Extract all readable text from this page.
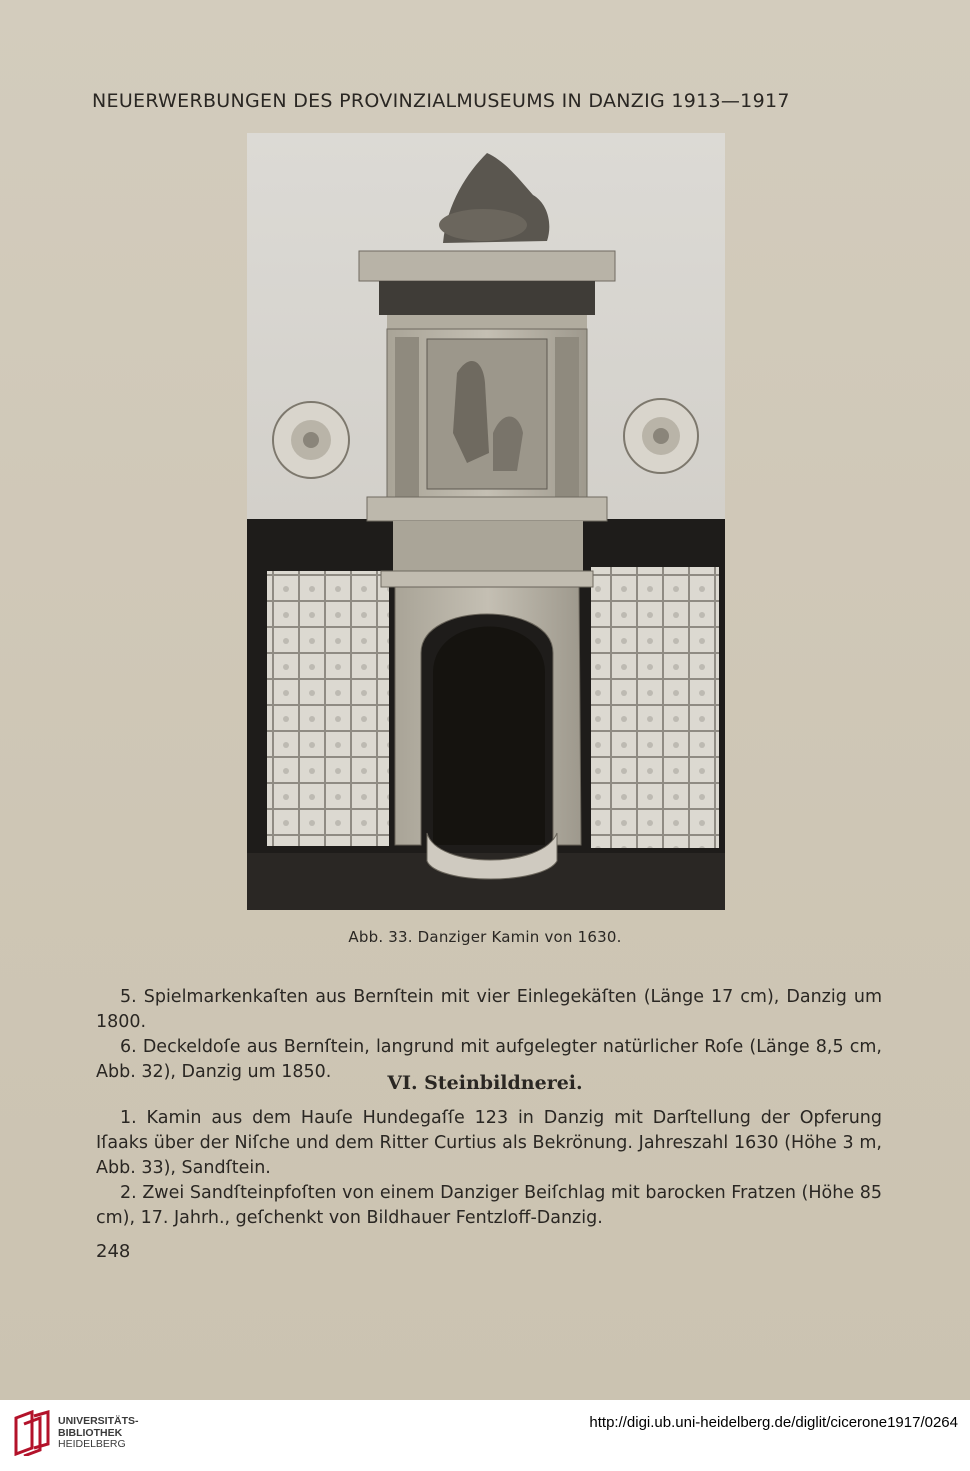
NEUERWERBUNGEN DES PROVINZIALMUSEUMS IN DANZIG 1913—1917
Abb. 33. Danziger Kamin von 1630.

5. Spielmarkenkaſten aus Bernſtein mit vier Einlegekäſten (Länge 17 cm), Danzig um 1800.

6. Deckeldoſe aus Bernſtein, langrund mit aufgelegter natürlicher Roſe (Länge 8,5 cm, Abb. 32), Danzig um 1850.	VI. Steinbildnerei.

1. Kamin aus dem Hauſe Hundegaſſe 123 in Danzig mit Darſtellung der Opferung Iſaaks über der Niſche und dem Ritter Curtius als Bekrönung. Jahreszahl 1630 (Höhe 3 m, Abb. 33), Sandſtein.

2. Zwei Sandſteinpfoſten von einem Danziger Beiſchlag mit barocken Fratzen (Höhe 85 cm), 17. Jahrh., geſchenkt von Bildhauer Fentzloff-Danzig.

248
UNIVERSITÄTS-
BIBLIOTHEK
HEIDELBERG
http://digi.ub.uni-heidelberg.de/diglit/cicerone1917/0264
